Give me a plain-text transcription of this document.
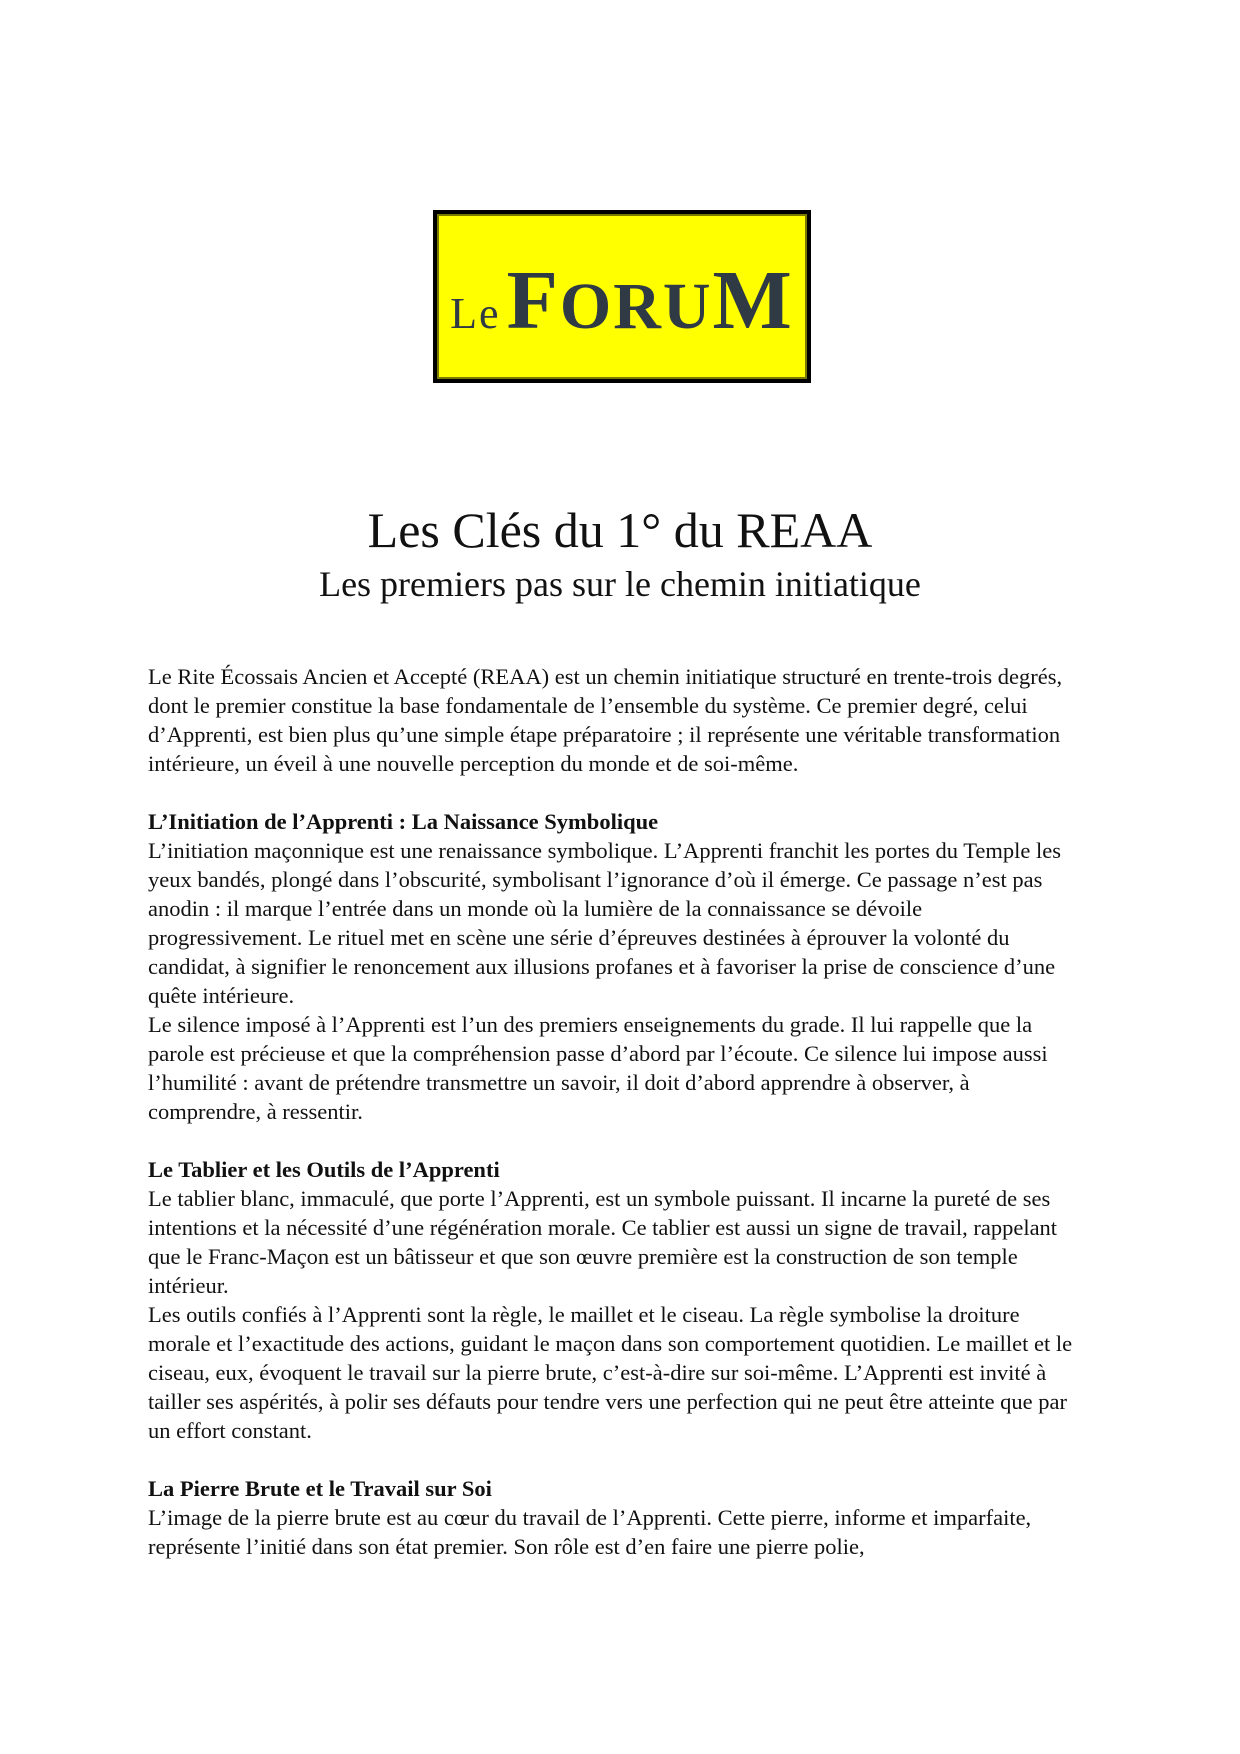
Le FORUM
Les Clés du 1° du REAA
Les premiers pas sur le chemin initiatique

Le Rite Écossais Ancien et Accepté (REAA) est un chemin initiatique structuré en trente-trois degrés, dont le premier constitue la base fondamentale de l’ensemble du système. Ce premier degré, celui d’Apprenti, est bien plus qu’une simple étape préparatoire ; il représente une véritable transformation intérieure, un éveil à une nouvelle perception du monde et de soi-même.

L’Initiation de l’Apprenti : La Naissance Symbolique

L’initiation maçonnique est une renaissance symbolique. L’Apprenti franchit les portes du Temple les yeux bandés, plongé dans l’obscurité, symbolisant l’ignorance d’où il émerge. Ce passage n’est pas anodin : il marque l’entrée dans un monde où la lumière de la connaissance se dévoile progressivement. Le rituel met en scène une série d’épreuves destinées à éprouver la volonté du candidat, à signifier le renoncement aux illusions profanes et à favoriser la prise de conscience d’une quête intérieure.

Le silence imposé à l’Apprenti est l’un des premiers enseignements du grade. Il lui rappelle que la parole est précieuse et que la compréhension passe d’abord par l’écoute. Ce silence lui impose aussi l’humilité : avant de prétendre transmettre un savoir, il doit d’abord apprendre à observer, à comprendre, à ressentir.

Le Tablier et les Outils de l’Apprenti

Le tablier blanc, immaculé, que porte l’Apprenti, est un symbole puissant. Il incarne la pureté de ses intentions et la nécessité d’une régénération morale. Ce tablier est aussi un signe de travail, rappelant que le Franc-Maçon est un bâtisseur et que son œuvre première est la construction de son temple intérieur.

Les outils confiés à l’Apprenti sont la règle, le maillet et le ciseau. La règle symbolise la droiture morale et l’exactitude des actions, guidant le maçon dans son comportement quotidien. Le maillet et le ciseau, eux, évoquent le travail sur la pierre brute, c’est-à-dire sur soi-même. L’Apprenti est invité à tailler ses aspérités, à polir ses défauts pour tendre vers une perfection qui ne peut être atteinte que par un effort constant.

La Pierre Brute et le Travail sur Soi

L’image de la pierre brute est au cœur du travail de l’Apprenti. Cette pierre, informe et imparfaite, représente l’initié dans son état premier. Son rôle est d’en faire une pierre polie,
